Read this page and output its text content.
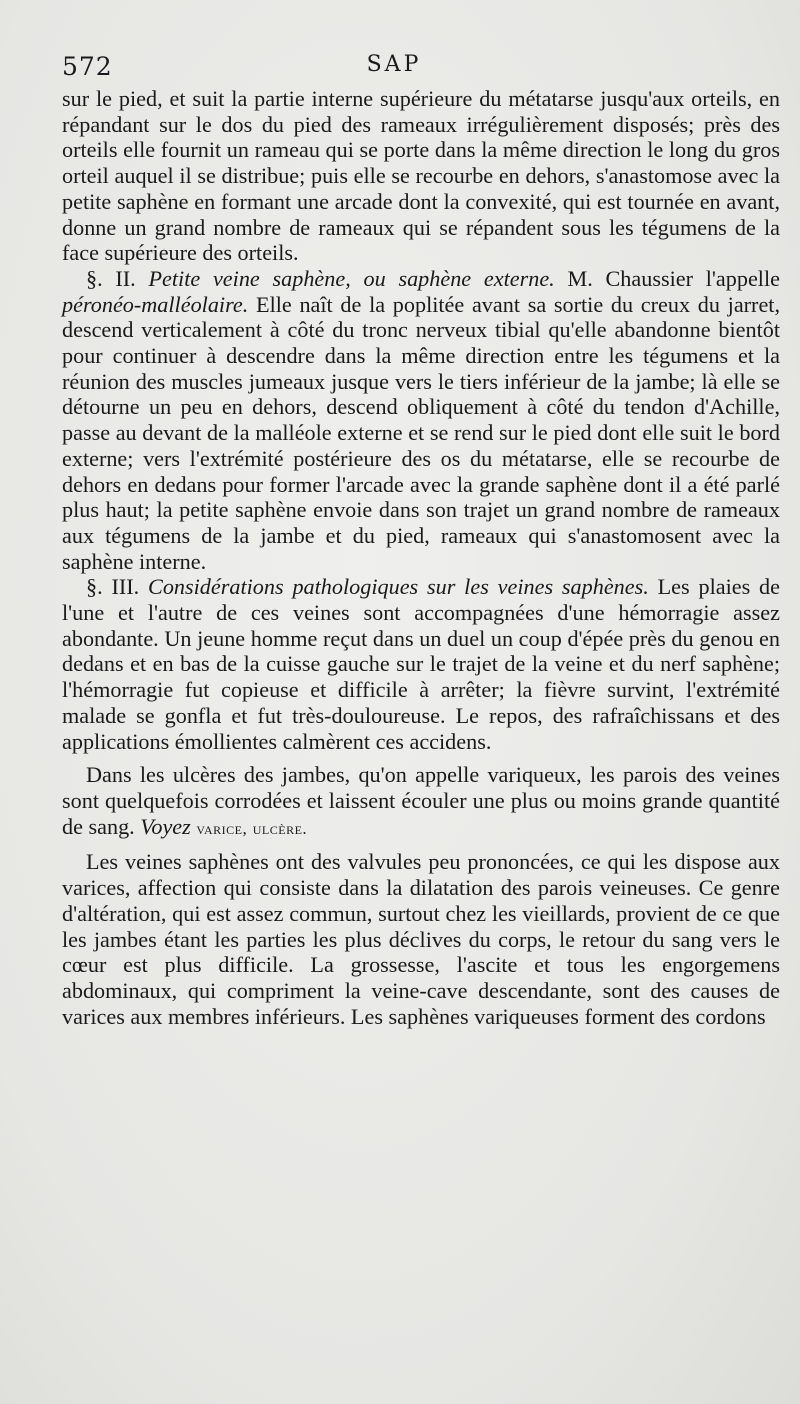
572	SAP

sur le pied, et suit la partie interne supérieure du métatarse jusqu'aux orteils, en répandant sur le dos du pied des rameaux irrégulièrement disposés; près des orteils elle fournit un rameau qui se porte dans la même direction le long du gros orteil auquel il se distribue; puis elle se recourbe en dehors, s'anastomose avec la petite saphène en formant une arcade dont la convexité, qui est tournée en avant, donne un grand nombre de rameaux qui se répandent sous les tégumens de la face supérieure des orteils.

§. II. Petite veine saphène, ou saphène externe. M. Chaussier l'appelle péronéo-malléolaire. Elle naît de la poplitée avant sa sortie du creux du jarret, descend verticalement à côté du tronc nerveux tibial qu'elle abandonne bientôt pour continuer à descendre dans la même direction entre les tégumens et la réunion des muscles jumeaux jusque vers le tiers inférieur de la jambe; là elle se détourne un peu en dehors, descend obliquement à côté du tendon d'Achille, passe au devant de la malléole externe et se rend sur le pied dont elle suit le bord externe; vers l'extrémité postérieure des os du métatarse, elle se recourbe de dehors en dedans pour former l'arcade avec la grande saphène dont il a été parlé plus haut; la petite saphène envoie dans son trajet un grand nombre de rameaux aux tégumens de la jambe et du pied, rameaux qui s'anastomosent avec la saphène interne.

§. III. Considérations pathologiques sur les veines saphènes. Les plaies de l'une et l'autre de ces veines sont accompagnées d'une hémorragie assez abondante. Un jeune homme reçut dans un duel un coup d'épée près du genou en dedans et en bas de la cuisse gauche sur le trajet de la veine et du nerf saphène; l'hémorragie fut copieuse et difficile à arrêter; la fièvre survint, l'extrémité malade se gonfla et fut très-douloureuse. Le repos, des rafraîchissans et des applications émollientes calmèrent ces accidens.

Dans les ulcères des jambes, qu'on appelle variqueux, les parois des veines sont quelquefois corrodées et laissent écouler une plus ou moins grande quantité de sang. Voyez varice, ulcère.

Les veines saphènes ont des valvules peu prononcées, ce qui les dispose aux varices, affection qui consiste dans la dilatation des parois veineuses. Ce genre d'altération, qui est assez commun, surtout chez les vieillards, provient de ce que les jambes étant les parties les plus déclives du corps, le retour du sang vers le cœur est plus difficile. La grossesse, l'ascite et tous les engorgemens abdominaux, qui compriment la veine-cave descendante, sont des causes de varices aux membres inférieurs. Les saphènes variqueuses forment des cordons
